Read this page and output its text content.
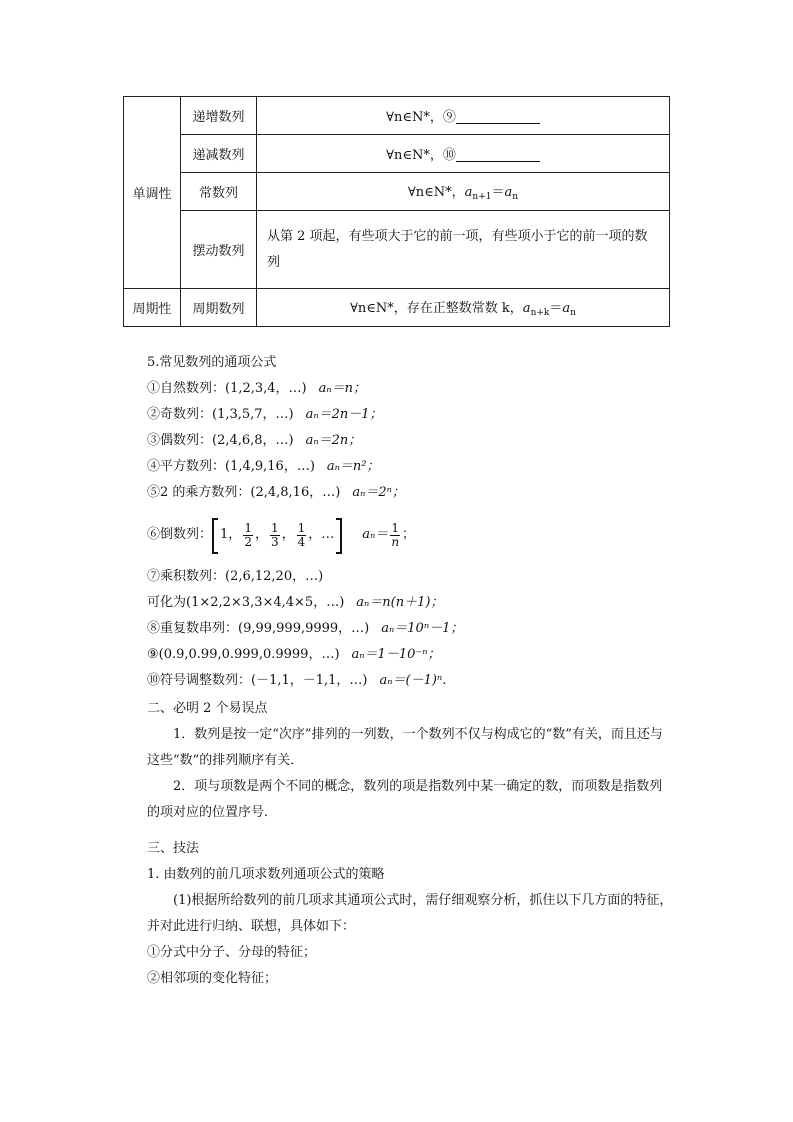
单调性	递增数列	∀n∈N*，⑨
	递减数列	∀n∈N*，⑩
	常数列	∀n∈N*，$a_{n+1}=a_n$
	摆动数列	从第 2 项起，有些项大于它的前一项，有些项小于它的前一项的数列
周期性	周期数列	∀n∈N*，存在正整数常数 k，$a_{n+k}=a_n$
5.常见数列的通项公式
①自然数列：(1,2,3,4，…) aₙ＝n；
②奇数列：(1,3,5,7，…) aₙ＝2n－1；
③偶数列：(2,4,6,8，…) aₙ＝2n；
④平方数列：(1,4,9,16，…) aₙ＝n²；
⑤2 的乘方数列：(2,4,8,16，…) aₙ＝2ⁿ；
⑥倒数列： 1 ， $\frac{1}{2}$ ， $\frac{1}{3}$ ， $\frac{1}{4}$ ， … $a_n= \frac{1}{n}$ ；
⑦乘积数列：(2,6,12,20，…)
可化为(1×2,2×3,3×4,4×5，…) aₙ＝n(n＋1)；
⑧重复数串列：(9,99,999,9999，…) aₙ＝10ⁿ－1；
⑨(0.9,0.99,0.999,0.9999，…) aₙ＝1－10⁻ⁿ；
⑩符号调整数列：(－1,1，－1,1，…) aₙ＝(－1)ⁿ.
二、必明 2 个易误点
1．数列是按一定“次序”排列的一列数，一个数列不仅与构成它的“数”有关，而且还与这些“数”的排列顺序有关．
2．项与项数是两个不同的概念，数列的项是指数列中某一确定的数，而项数是指数列的项对应的位置序号．
三、技法
1. 由数列的前几项求数列通项公式的策略
(1)根据所给数列的前几项求其通项公式时，需仔细观察分析，抓住以下几方面的特征，并对此进行归纳、联想，具体如下：
①分式中分子、分母的特征；
②相邻项的变化特征；
